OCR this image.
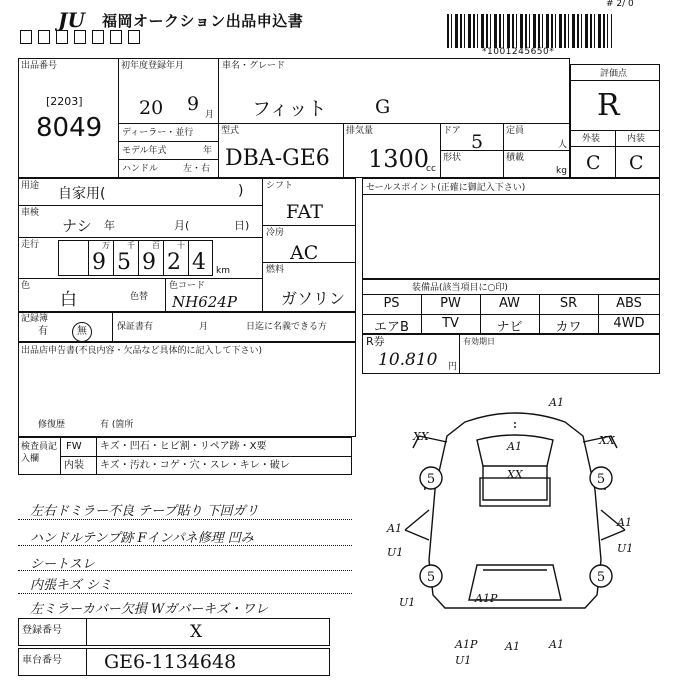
JU 福岡オークション出品申込書
# 2/ 0
*1001245650*
出品番号
[2203]
8049
初年度登録年月
20 9 月
ディーラー・並行
モデル年式	年
ハンドル	左・右
車名・グレード
フィット	G
型式
DBA-GE6
排気量
1300
cc
ドア 5	定員
人
形状	積載
kg
評価点
R
外装	内装
C C
用途 自家用(	)
車検
ナシ 年	月(	日)
走行	万 千 百 十
9 5 9 2 4 km
色
白	色替
色コード
NH624P
シフト
FAT
冷房
AC
燃料
ガソリン
セールスポイント(正確に御記入下さい)
装備品(該当項目に○印)
PS	PW	AW	SR	ABS
エアB	TV	ナビ	カワ	4WD
記録簿
有	無	保証書有	月	日迄に名義できる方
R券
10.810 円
有効期日
出品店申告書(不良内容・欠品など具体的に記入して下さい)
修復歴	有 (箇所
検査員記入欄
FW キズ・凹石・ヒビ割・リペア跡・X要
内装 キズ・汚れ・コゲ・穴・スレ・キレ・破レ
左右ドミラー不良 テープ貼り 下回カ゚リ
ハンドルテンプ跡 Fインパネ修理 凹み
シートスレ
内張キズ シミ
左ミラーカバー欠損 Wガバーキズ・ワレ
登録番号	X
車台番号 GE6-1134648
5	5
5	5
A1
XX	XX
A1
XX
A1
U1
A1
U1
U1	A1P
A1P	A1
U1
A1
